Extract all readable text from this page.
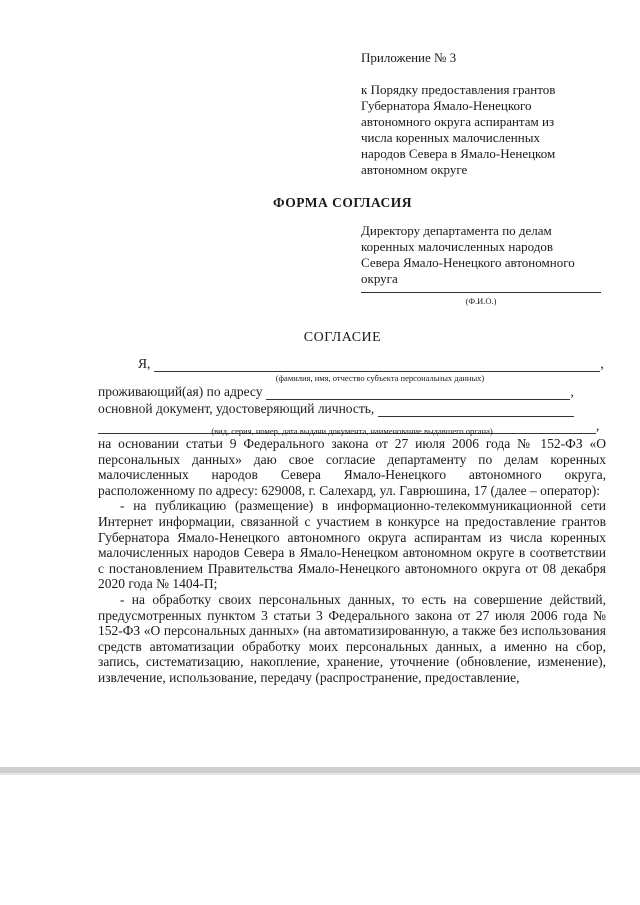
Приложение № 3
к Порядку предоставления грантов
Губернатора Ямало-Ненецкого
автономного округа аспирантам из
числа коренных малочисленных
народов Севера в Ямало-Ненецком
автономном округе
ФОРМА СОГЛАСИЯ
Директору департамента по делам
коренных малочисленных народов
Севера Ямало-Ненецкого автономного
округа
(Ф.И.О.)
СОГЛАСИЕ
Я,	,
(фамилия, имя, отчество субъекта персональных данных)
проживающий(ая) по адресу	,
основной документ, удостоверяющий личность,
,
(вид, серия, номер, дата выдачи документа, наименование выдавшего органа)

на основании статьи 9 Федерального закона от 27 июля 2006 года № 152-ФЗ «О персональных данных» даю свое согласие департаменту по делам коренных малочисленных народов Севера Ямало-Ненецкого автономного округа, расположенному по адресу: 629008, г. Салехард, ул. Гаврюшина, 17 (далее – оператор):

- на публикацию (размещение) в информационно-телекоммуникационной сети Интернет информации, связанной с участием в конкурсе на предоставление грантов Губернатора Ямало-Ненецкого автономного округа аспирантам из числа коренных малочисленных народов Севера в Ямало-Ненецком автономном округе в соответствии с постановлением Правительства Ямало-Ненецкого автономного округа от 08 декабря 2020 года № 1404-П;

- на обработку своих персональных данных, то есть на совершение действий, предусмотренных пунктом 3 статьи 3 Федерального закона от 27 июля 2006 года № 152-ФЗ «О персональных данных» (на автоматизированную, а также без использования средств автоматизации обработку моих персональных данных, а именно на сбор, запись, систематизацию, накопление, хранение, уточнение (обновление, изменение), извлечение, использование, передачу (распространение, предоставление,
